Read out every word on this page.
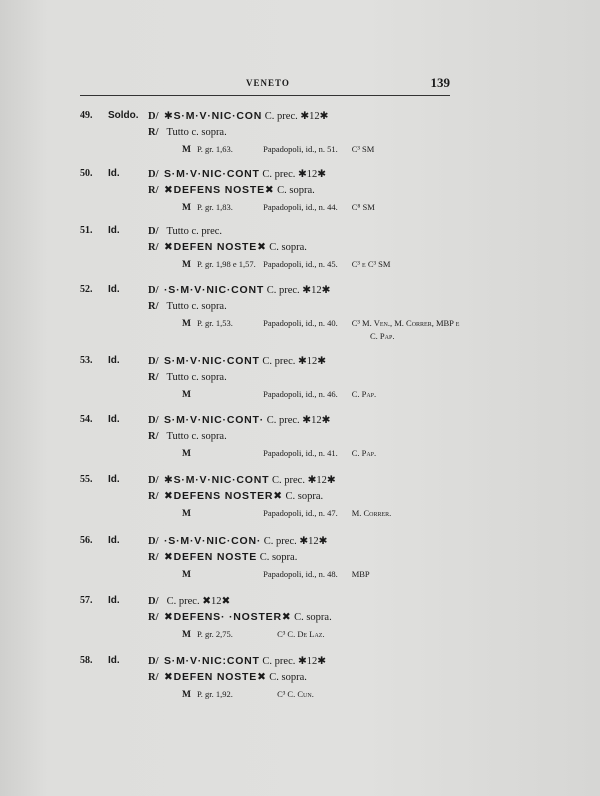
VENETO	139
49. Soldo. D/ ✱S·M·V·NIC·CON C. prec. ✱12✱
R/ Tutto c. sopra.
M P. gr. 1,63.	Papadopoli, id., n. 51. C³ SM
50. Id.	D/ S·M·V·NIC·CONT C. prec. ✱12✱
R/ ✖DEFENS NOSTE✖ C. sopra.
M P. gr. 1,83.	Papadopoli, id., n. 44. C⁸ SM
51. Id.	D/ Tutto c. prec.
R/ ✖DEFEN NOSTE✖ C. sopra.
M P. gr. 1,98 e 1,57. Papadopoli, id., n. 45. C³ e C³ SM
52. Id.	D/ ·S·M·V·NIC·CONT C. prec. ✱12✱
R/ Tutto c. sopra.
M P. gr. 1,53.	Papadopoli, id., n. 40. C³ M. Ven., M. Correr, MBP e
C. Pap.
53. Id.	D/ S·M·V·NIC·CONT C. prec. ✱12✱
R/ Tutto c. sopra.
M	Papadopoli, id., n. 46. C. Pap.
54. Id.	D/ S·M·V·NIC·CONT· C. prec. ✱12✱
R/ Tutto c. sopra.
M	Papadopoli, id., n. 41. C. Pap.
55. Id.	D/ ✱S·M·V·NIC·CONT C. prec. ✱12✱
R/ ✖DEFENS NOSTER✖ C. sopra.
M	Papadopoli, id., n. 47. M. Correr.
56. Id.	D/ ·S·M·V·NIC·CON· C. prec. ✱12✱
R/ ✖DEFEN NOSTE C. sopra.
M	Papadopoli, id., n. 48. MBP
57. Id.	D/ C. prec. ✖12✖
R/ ✖DEFENS· ·NOSTER✖ C. sopra.
M P. gr. 2,75.	C³ C. De Laz.
58. Id.	D/ S·M·V·NIC:CONT C. prec. ✱12✱
R/ ✖DEFEN NOSTE✖ C. sopra.
M P. gr. 1,92.	C³ C. Cun.
